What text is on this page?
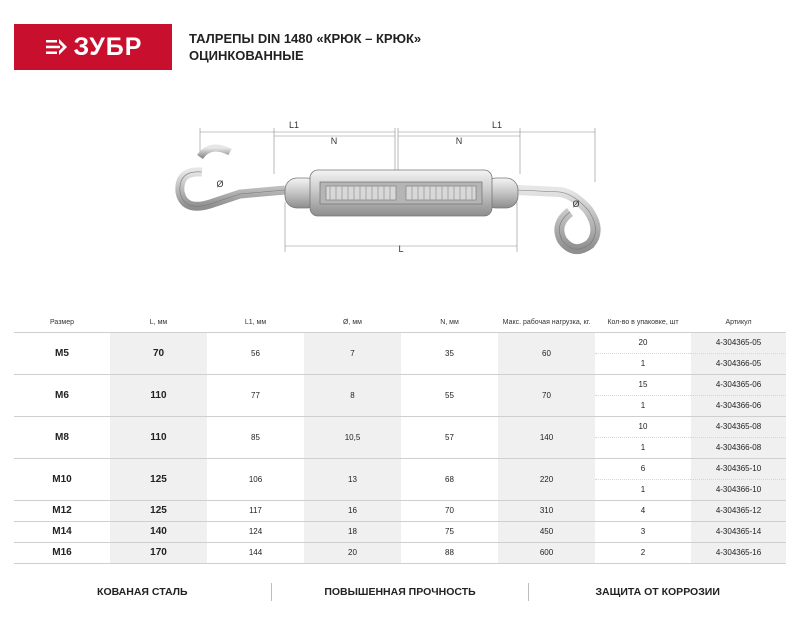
ЗУБР	ТАЛРЕПЫ DIN 1480 «КРЮК – КРЮК»
ОЦИНКОВАННЫЕ
L1
N	N
L1
L
Ø
Ø
Размер	L, мм	L1, мм	Ø, мм	N, мм	Макс. рабочая нагрузка, кг.	Кол-во в упаковке, шт	Артикул
M5	70	56	7	35	60	20	4-304365-05
						1	4-304366-05
M6	110	77	8	55	70	15	4-304365-06
						1	4-304366-06
M8	110	85	10,5	57	140	10	4-304365-08
						1	4-304366-08
M10	125	106	13	68	220	6	4-304365-10
						1	4-304366-10
M12	125	117	16	70	310	4	4-304365-12
M14	140	124	18	75	450	3	4-304365-14
M16	170	144	20	88	600	2	4-304365-16
КОВАНАЯ СТАЛЬ	ПОВЫШЕННАЯ ПРОЧНОСТЬ	ЗАЩИТА ОТ КОРРОЗИИ
